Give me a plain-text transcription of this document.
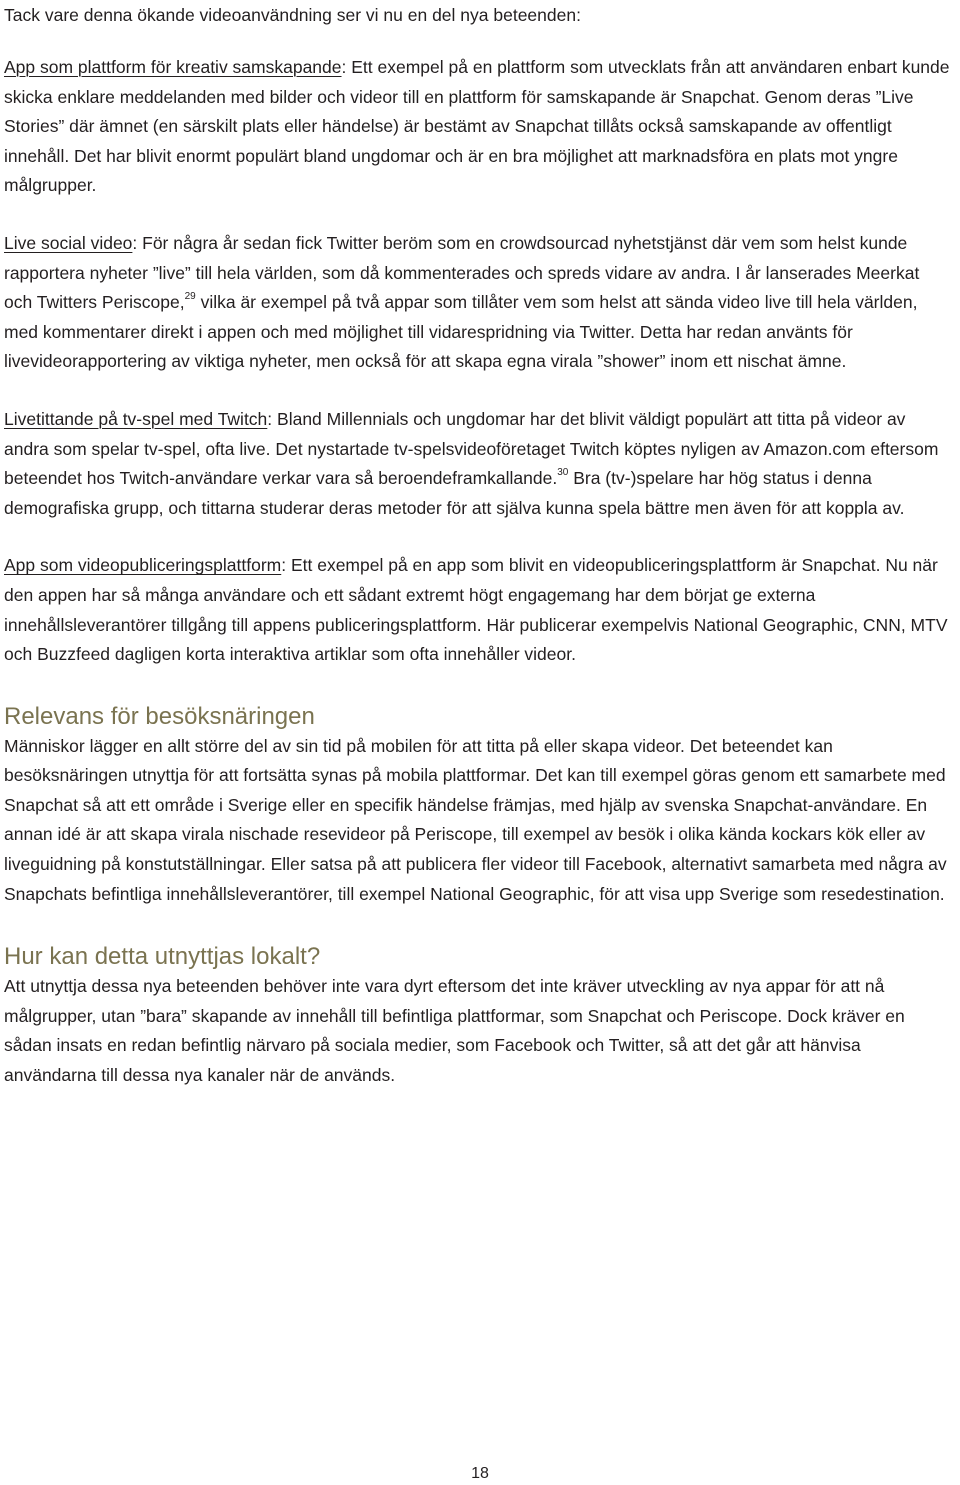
Tack vare denna ökande videoanvändning ser vi nu en del nya beteenden:

App som plattform för kreativ samskapande: Ett exempel på en plattform som utvecklats från att användaren enbart kunde skicka enklare meddelanden med bilder och videor till en plattform för samskapande är Snapchat. Genom deras ”Live Stories” där ämnet (en särskilt plats eller händelse) är bestämt av Snapchat tillåts också samskapande av offentligt innehåll. Det har blivit enormt populärt bland ungdomar och är en bra möjlighet att marknadsföra en plats mot yngre målgrupper.

Live social video: För några år sedan fick Twitter beröm som en crowdsourcad nyhetstjänst där vem som helst kunde rapportera nyheter ”live” till hela världen, som då kommenterades och spreds vidare av andra. I år lanserades Meerkat och Twitters Periscope,$^{29}$ vilka är exempel på två appar som tillåter vem som helst att sända video live till hela världen, med kommentarer direkt i appen och med möjlighet till vidarespridning via Twitter. Detta har redan använts för livevideorapportering av viktiga nyheter, men också för att skapa egna virala ”shower” inom ett nischat ämne.

Livetittande på tv-spel med Twitch: Bland Millennials och ungdomar har det blivit väldigt populärt att titta på videor av andra som spelar tv-spel, ofta live. Det nystartade tv-spelsvideoföretaget Twitch köptes nyligen av Amazon.com eftersom beteendet hos Twitch-användare verkar vara så beroendeframkallande.$^{30}$ Bra (tv-)spelare har hög status i denna demografiska grupp, och tittarna studerar deras metoder för att själva kunna spela bättre men även för att koppla av.

App som videopubliceringsplattform: Ett exempel på en app som blivit en videopubliceringsplattform är Snapchat. Nu när den appen har så många användare och ett sådant extremt högt engagemang har dem börjat ge externa innehållsleverantörer tillgång till appens publiceringsplattform. Här publicerar exempelvis National Geographic, CNN, MTV och Buzzfeed dagligen korta interaktiva artiklar som ofta innehåller videor.

Relevans för besöksnäringen

Människor lägger en allt större del av sin tid på mobilen för att titta på eller skapa videor. Det beteendet kan besöksnäringen utnyttja för att fortsätta synas på mobila plattformar. Det kan till exempel göras genom ett samarbete med Snapchat så att ett område i Sverige eller en specifik händelse främjas, med hjälp av svenska Snapchat-användare. En annan idé är att skapa virala nischade resevideor på Periscope, till exempel av besök i olika kända kockars kök eller av liveguidning på konstutställningar. Eller satsa på att publicera fler videor till Facebook, alternativt samarbeta med några av Snapchats befintliga innehållsleverantörer, till exempel National Geographic, för att visa upp Sverige som resedestination.

Hur kan detta utnyttjas lokalt?

Att utnyttja dessa nya beteenden behöver inte vara dyrt eftersom det inte kräver utveckling av nya appar för att nå målgrupper, utan ”bara” skapande av innehåll till befintliga plattformar, som Snapchat och Periscope. Dock kräver en sådan insats en redan befintlig närvaro på sociala medier, som Facebook och Twitter, så att det går att hänvisa användarna till dessa nya kanaler när de används.

18
